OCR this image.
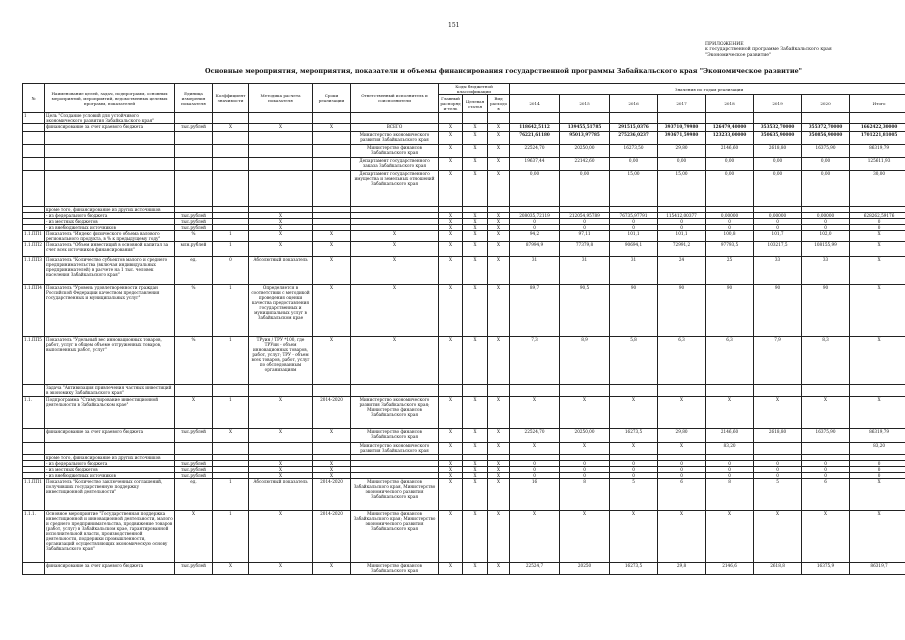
151
ПРИЛОЖЕНИЕ
к государственной программе Забайкальского края
"Экономическое развитие"
Основные мероприятия, мероприятия, показатели и объемы финансирования государственной программы Забайкальского края "Экономическое развитие"
№	Наименование целей, задач, подпрограмм, основных мероприятий, мероприятий, ведомственных целевых программ, показателей	Единица измерения показателя	Коэффициент значимости	Методика расчета показателя	Сроки реализации	Ответственный исполнитель и соисполнители	Коды бюджетной классификации			Значения по годам реализации							
							Главный распоряди-тель	Целевая статья	Вид расходов	2014	2015	2016	2017	2018	2019	2020	Итого
1	Цель "Создание условий для устойчивого экономического развития Забайкальского края"																
	финансирование за счет краевого бюджета	тыс.рублей	X	X	X	ВСЕГО	X	X	X	118642,5112	139455,51785	291515,0376	393710,79980	126479,40000	353532,70000	355372,70000	1662422,30000
						Министерство экономического развития Забайкальского края	X	X	X	76221,61180	95013,97785	275236,0237	393671,59980	123233,00000	350635,90000	350856,90000	1701221,81005
						Министерство финансов Забайкальского края	X	X	X	22524,70	20250,00	16273,50	29,80	2146,60	2618,80	16375,90	86319,79
						Департамент государственного заказа Забайкальского края	X	X	X	19637,44	22142,60	0,00	0,00	0,00	0,00	0,00	125611,93
						Департамент государственного имущества и земельных отношений Забайкальского края	X	X	X	0,00	0,00	15,00	15,00	0,00	0,00	0,00	30,00
	кроме того, финансирование из других источников																
	- из федерального бюджета	тыс.рублей		X			X	X	X	208035,72119	212054,95789	76735,97791	115412,00377	0,00000	0,00000	0,00000	628262,59176
	- из местных бюджетов	тыс.рублей		X			X	X	X	0	0	0	0	0	0	0	0
	- из внебюджетных источников	тыс.рублей		X			X	X	X	0	0	0	0	0	0	0	0
1.1.ПП1	Показатель "Индекс физического объема валового регионального продукта, в % к предыдущему году"	%	1	X	X	X	X	X	X	94,2	97,11	101,1	101,1	100,8	101,7	102,0	X
1.1.ПП2	Показатель "Объем инвестиций в основной капитал за счет всех источников финансирования"	млн.рублей	1	X	X	X	X	X	X	87994,9	77379,8	90694,1	72991,2	97793,5	103217,5	108155,99	X
1.1.ПП3	Показатель "Количество субъектов малого и среднего предпринимательства (включая индивидуальных предпринимателей) в расчете на 1 тыс. человек населения Забайкальского края"	ед.	0	Абсолютный показатель	X	X	X	X	X	31	31	31	24	25	33	33	X
1.1.ПП4	Показатель "Уровень удовлетворенности граждан Российской Федерации качеством предоставления государственных и муниципальных услуг"	%	1	Определяется в соответствии с методикой проведения оценки качества предоставления государственных и муниципальных услуг в Забайкальском крае	X	X	X	X	X	89,7	90,5	90	90	90	90	90	X
1.1.ПП5	Показатель "Удельный вес инновационных товаров, работ, услуг в общем объеме отгруженных товаров, выполненных работ, услуг"	%	1	ТРуин / ТРУ *100, где ТРУин - объем инновационных товаров, работ, услуг; ТРУ - объем всех товаров, работ, услуг по обследованным организациям	X	X	X	X	X	7,3	8,9	5,8	6,3	6,3	7,9	8,3	X
	Задача "Активизация привлечения частных инвестиций в экономику Забайкальского края"																
1.1.	Подпрограмма "Стимулирование инвестиционной деятельности в Забайкальском крае"	X	1	X	2014-2020	Министерство экономического развития Забайкальского края; Министерство финансов Забайкальского края	X	X	X	X	X	X	X	X	X	X	X
	финансирование за счет краевого бюджета	тыс.рублей	X	X	X	Министерство финансов Забайкальского края	X	X	X	22524,70	20250,00	16273,5	29,80	2146,60	2618,80	16375,90	86319,79
						Министерство экономического развития Забайкальского края	X	X	X	X	X	X	X	83,20			83,20
	кроме того, финансирование из других источников																
	- из федерального бюджета	тыс.рублей		X	X		X	X	X	0	0	0	0	0	0	0	0
	- из местных бюджетов	тыс.рублей		X	X		X	X	X	0	0	0	0	0	0	0	0
	- из внебюджетных источников	тыс.рублей		X	X		X	X	X	0	0	0	0	0	0	0	0
1.1.ПП1	Показатель "Количество заключенных соглашений, получивших государственную поддержку инвестиционной деятельности"	ед.	1	Абсолютный показатель	2014-2020	Министерство финансов Забайкальского края, Министерство экономического развития Забайкальского края	X	X	X	16	8	5	6	8	5	6	X
1.1.1.	Основное мероприятие "Государственная поддержка инвестиционной и инновационной деятельности, малого и среднего предпринимательства, продвижение товаров (работ, услуг) в Забайкальском крае, гарантированной исполнительной власти, производственной деятельности, поддержки промышленности, организаций осуществляющих экономическую основу Забайкальского края"	X	1	X	2014-2020	Министерство финансов Забайкальского края; Министерство экономического развития Забайкальского края	X	X	X	X	X	X	X	X	X	X	X
	финансирование за счет краевого бюджета	тыс.рублей	X	X	X	Министерство финансов Забайкальского края	X	X	X	22524,7	20250	16273,5	29,8	2146,6	2618,8	16375,9	86319,7
